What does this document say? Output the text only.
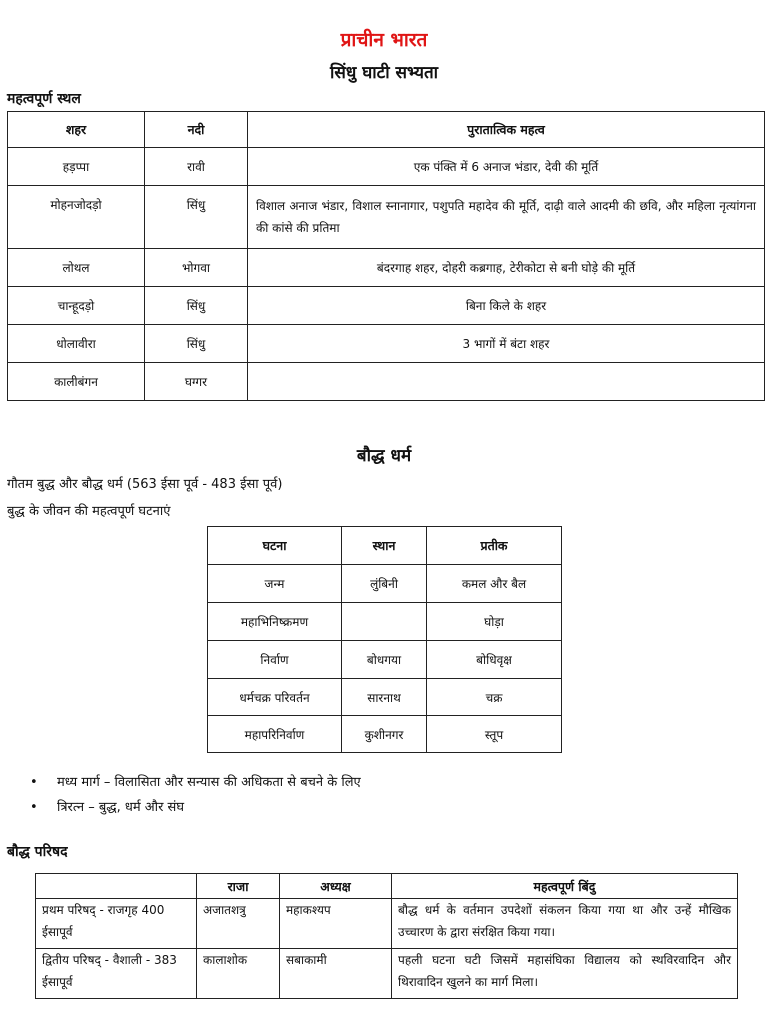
प्राचीन भारत
सिंधु घाटी सभ्यता
महत्वपूर्ण स्थल
शहर	नदी	पुरातात्विक महत्व
हड़प्पा	रावी	एक पंक्ति में 6 अनाज भंडार, देवी की मूर्ति
मोहनजोदड़ो	सिंधु	विशाल अनाज भंडार, विशाल स्नानागार, पशुपति महादेव की मूर्ति, दाढ़ी वाले आदमी की छवि, और महिला नृत्यांगना की कांसे की प्रतिमा
लोथल	भोगवा	बंदरगाह शहर, दोहरी कब्रगाह, टेरीकोटा से बनी घोड़े की मूर्ति
चान्हूदड़ो	सिंधु	बिना किले के शहर
धोलावीरा	सिंधु	3 भागों में बंटा शहर
कालीबंगन	घग्गर	
बौद्ध धर्म
गौतम बुद्ध और बौद्ध धर्म (563 ईसा पूर्व - 483 ईसा पूर्व)
बुद्ध के जीवन की महत्वपूर्ण घटनाएं
घटना	स्थान	प्रतीक
जन्म	लुंबिनी	कमल और बैल
महाभिनिष्क्रमण		घोड़ा
निर्वाण	बोधगया	बोधिवृक्ष
धर्मचक्र परिवर्तन	सारनाथ	चक्र
महापरिनिर्वाण	कुशीनगर	स्तूप
• मध्य मार्ग – विलासिता और सन्यास की अधिकता से बचने के लिए
• त्रिरत्न – बुद्ध, धर्म और संघ
बौद्ध परिषद
	राजा	अध्यक्ष	महत्वपूर्ण बिंदु
प्रथम परिषद् - राजगृह 400 ईसापूर्व	अजातशत्रु	महाकश्यप	बौद्ध धर्म के वर्तमान उपदेशों संकलन किया गया था और उन्हें मौखिक उच्चारण के द्वारा संरक्षित किया गया।
द्वितीय परिषद् - वैशाली - 383 ईसापूर्व	कालाशोक	सबाकामी	पहली घटना घटी जिसमें महासंघिका विद्यालय को स्थविरवादिन और थिरावादिन खुलने का मार्ग मिला।
